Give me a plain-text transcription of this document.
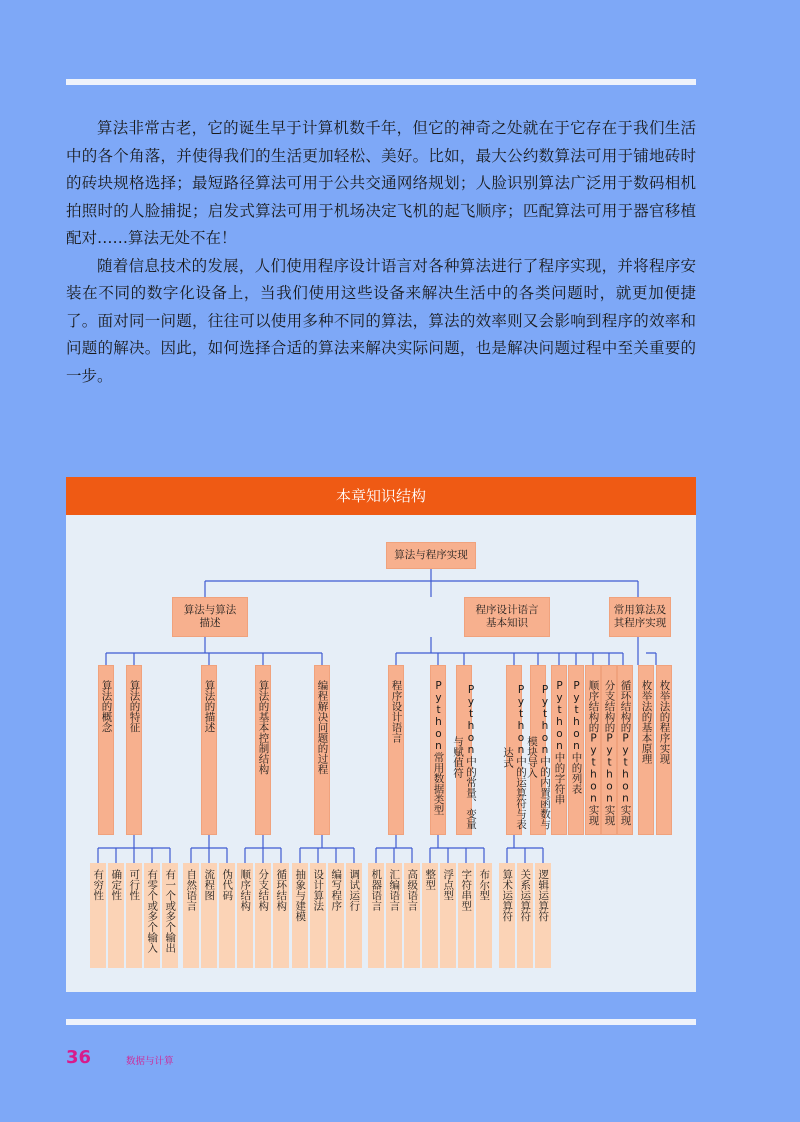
算法非常古老，它的诞生早于计算机数千年，但它的神奇之处就在于它存在于我们生活中的各个角落，并使得我们的生活更加轻松、美好。比如，最大公约数算法可用于铺地砖时的砖块规格选择；最短路径算法可用于公共交通网络规划；人脸识别算法广泛用于数码相机拍照时的人脸捕捉；启发式算法可用于机场决定飞机的起飞顺序；匹配算法可用于器官移植配对……算法无处不在！

随着信息技术的发展，人们使用程序设计语言对各种算法进行了程序实现，并将程序安装在不同的数字化设备上，当我们使用这些设备来解决生活中的各类问题时，就更加便捷了。面对同一问题，往往可以使用多种不同的算法，算法的效率则又会影响到程序的效率和问题的解决。因此，如何选择合适的算法来解决实际问题，也是解决问题过程中至关重要的一步。

本章知识结构
算法与程序实现
算法与算法
描述
程序设计语言
基本知识
常用算法及
其程序实现
算法的概念 算法的特征	算法的描述	算法的基本控制结构	编程解决问题的过程	程序设计语言	Python常用数据类型	Python中的常量、变量与赋值符	Python中的运算符与表达式	Python中的内置函数与模块导入	Python中的字符串 Python中的列表 顺序结构的Python实现 分支结构的Python实现 循环结构的Python实现 枚举法的基本原理 枚举法的程序实现
有穷性 确定性 可行性 有零个或多个输入 有一个或多个输出 自然语言 流程图 伪代码 顺序结构 分支结构 循环结构 抽象与建模 设计算法 编写程序 调试运行 机器语言 汇编语言 高级语言 整型 浮点型 字符串型 布尔型 算术运算符 关系运算符 逻辑运算符
36	数据与计算
